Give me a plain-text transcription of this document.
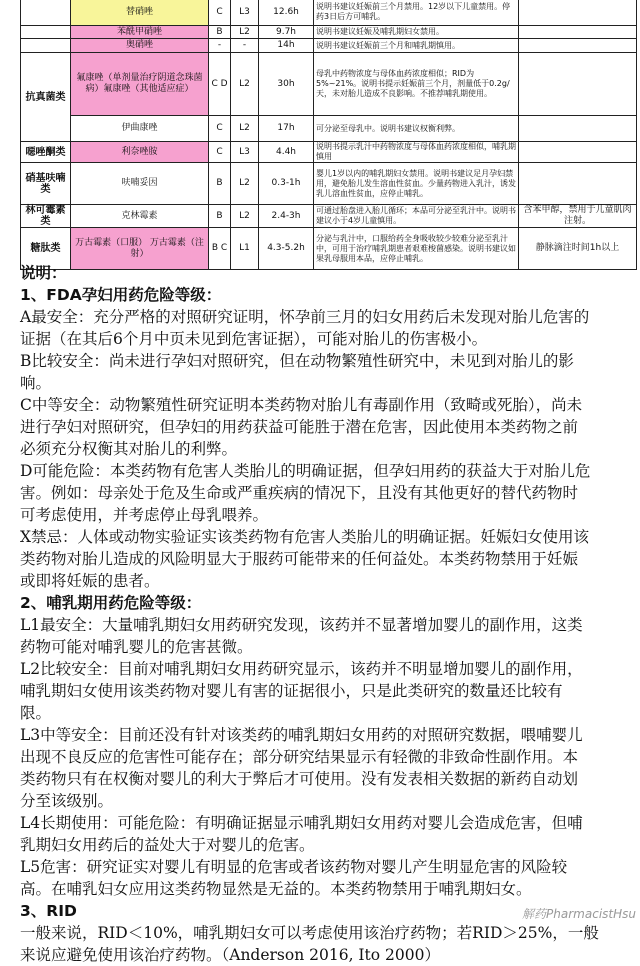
	替硝唑	C	L3	12.6h	说明书建议妊娠前三个月禁用。12岁以下儿童禁用。停药3日后方可哺乳。	
	苯酰甲硝唑	B	L2	9.7h	说明书建议妊娠及哺乳期妇女禁用。	
	奥硝唑	-	-	14h	说明书建议妊娠前三个月和哺乳期慎用。	
抗真菌类	氟康唑（单剂量治疗阴道念珠菌病）氟康唑（其他适应症）	C D	L2	30h	母乳中药物浓度与母体血药浓度相似；RID为5%~21%。说明书提示妊娠前三个月，剂量低于0.2g/天，未对胎儿造成不良影响。不推荐哺乳期使用。	
	伊曲康唑	C	L2	17h	可分泌至母乳中。说明书建议权衡利弊。	
噁唑酮类	利奈唑胺	C	L3	4.4h	说明书提示乳汁中药物浓度与母体血药浓度相似，哺乳期慎用	
硝基呋喃类	呋喃妥因	B	L2	0.3-1h	婴儿1岁以内的哺乳期妇女禁用。说明书建议足月孕妇禁用，避免胎儿发生溶血性贫血。少量药物进入乳汁，诱发乳儿溶血性贫血，应停止哺乳。	
林可霉素类	克林霉素	B	L2	2.4-3h	可通过胎盘进入胎儿循环；本品可分泌至乳汁中。说明书建议小于4岁儿童慎用。	含苯甲醇，禁用于儿童肌肉注射。
糖肽类	万古霉素（口服） 万古霉素（注射）	B C	L1	4.3-5.2h	分泌与乳汁中，口服给药全身吸收较少较难分泌至乳汁中，可用于治疗哺乳期患者艰难梭菌感染。说明书建议如果乳母服用本品，应停止哺乳。	静脉滴注时间1h以上
说明：
1、FDA孕妇用药危险等级：
A最安全：充分严格的对照研究证明，怀孕前三月的妇女用药后未发现对胎儿危害的
证据（在其后6个月中页未见到危害证据），可能对胎儿的伤害极小。
B比较安全：尚未进行孕妇对照研究，但在动物繁殖性研究中，未见到对胎儿的影
响。
C中等安全：动物繁殖性研究证明本类药物对胎儿有毒副作用（致畸或死胎），尚未
进行孕妇对照研究，但孕妇的用药获益可能胜于潜在危害，因此使用本类药物之前
必须充分权衡其对胎儿的利弊。
D可能危险：本类药物有危害人类胎儿的明确证据，但孕妇用药的获益大于对胎儿危
害。例如：母亲处于危及生命或严重疾病的情况下，且没有其他更好的替代药物时
可考虑使用，并考虑停止母乳喂养。
X禁忌：人体或动物实验证实该类药物有危害人类胎儿的明确证据。妊娠妇女使用该
类药物对胎儿造成的风险明显大于服药可能带来的任何益处。本类药物禁用于妊娠
或即将妊娠的患者。
2、哺乳期用药危险等级：
L1最安全：大量哺乳期妇女用药研究发现，该药并不显著增加婴儿的副作用，这类
药物可能对哺乳婴儿的危害甚微。
L2比较安全：目前对哺乳期妇女用药研究显示，该药并不明显增加婴儿的副作用，
哺乳期妇女使用该类药物对婴儿有害的证据很小，只是此类研究的数量还比较有
限。
L3中等安全：目前还没有针对该类药的哺乳期妇女用药的对照研究数据，喂哺婴儿
出现不良反应的危害性可能存在；部分研究结果显示有轻微的非致命性副作用。本
类药物只有在权衡对婴儿的利大于弊后才可使用。没有发表相关数据的新药自动划
分至该级别。
L4长期使用：可能危险：有明确证据显示哺乳期妇女用药对婴儿会造成危害，但哺
乳期妇女用药后的益处大于对婴儿的危害。
L5危害：研究证实对婴儿有明显的危害或者该药物对婴儿产生明显危害的风险较
高。在哺乳妇女应用这类药物显然是无益的。本类药物禁用于哺乳期妇女。
3、RID
一般来说，RID＜10%，哺乳期妇女可以考虑使用该治疗药物；若RID＞25%，一般
来说应避免使用该治疗药物。（Anderson 2016, Ito 2000）
解药PharmacistHsu
